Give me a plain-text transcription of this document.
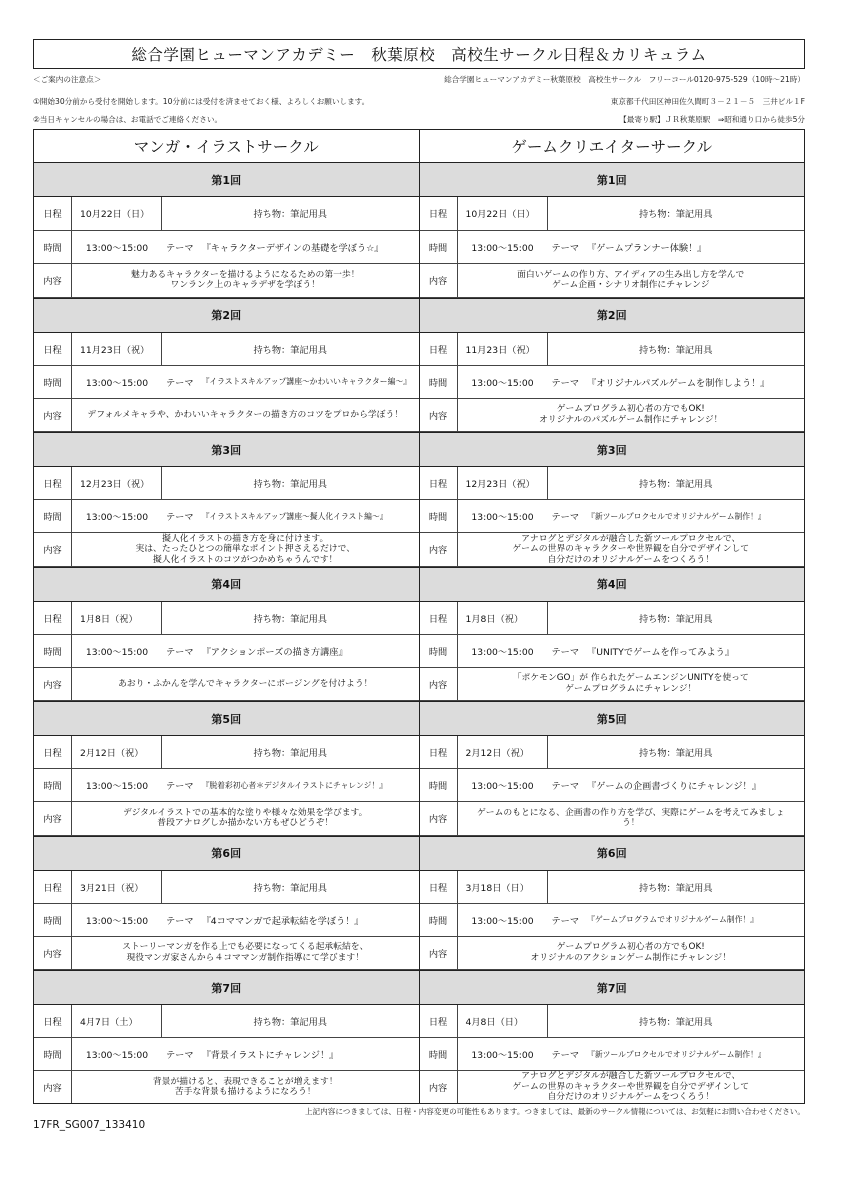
総合学園ヒューマンアカデミー　秋葉原校　高校生サークル日程＆カリキュラム
＜ご案内の注意点＞
①開始30分前から受付を開始します。10分前には受付を済ませておく様、よろしくお願いします。
②当日キャンセルの場合は、お電話でご連絡ください。
総合学園ヒューマンアカデミー秋葉原校　高校生サークル　フリーコール0120-975-529（10時〜21時）
東京都千代田区神田佐久間町３－２１－５　三井ビル１F
【最寄り駅】ＪＲ秋葉原駅　⇒昭和通り口から徒歩5分
マンガ・イラストサークル
第1回
日程	10月22日（日）	持ち物：筆記用具
時間	13:00〜15:00	テーマ 『キャラクターデザインの基礎を学ぼう☆』
内容
魅力あるキャラクターを描けるようになるための第一歩！
ワンランク上のキャラデザを学ぼう！
第2回
日程	11月23日（祝）	持ち物：筆記用具
時間	13:00〜15:00	テーマ 『イラストスキルアップ講座〜かわいいキャラクター編〜』
内容	デフォルメキャラや、かわいいキャラクターの描き方のコツをプロから学ぼう！
第3回
日程	12月23日（祝）	持ち物：筆記用具
時間	13:00〜15:00	テーマ 『イラストスキルアップ講座〜擬人化イラスト編〜』
内容
擬人化イラストの描き方を身に付けます。
実は、たったひとつの簡単なポイント押さえるだけで、
擬人化イラストのコツがつかめちゃうんです！
第4回
日程	1月8日（祝）	持ち物：筆記用具
時間	13:00〜15:00	テーマ 『アクションポーズの描き方講座』
内容	あおり・ふかんを学んでキャラクターにポージングを付けよう！
第5回
日程	2月12日（祝）	持ち物：筆記用具
時間	13:00〜15:00	テーマ 『脱着彩初心者＊デジタルイラストにチャレンジ！』
内容
デジタルイラストでの基本的な塗りや様々な効果を学びます。
普段アナログしか描かない方もぜひどうぞ！
第6回
日程	3月21日（祝）	持ち物：筆記用具
時間	13:00〜15:00	テーマ 『4コママンガで起承転結を学ぼう！』
内容
ストーリーマンガを作る上でも必要になってくる起承転結を、
現役マンガ家さんから４コママンガ制作指導にて学びます！
第7回
日程	4月7日（土）	持ち物：筆記用具
時間	13:00〜15:00	テーマ 『背景イラストにチャレンジ！』
内容
背景が描けると、表現できることが増えます！
苦手な背景も描けるようになろう！
ゲームクリエイターサークル
第1回
日程	10月22日（日）	持ち物：筆記用具
時間	13:00〜15:00	テーマ 『ゲームプランナー体験！』
内容
面白いゲームの作り方、アイディアの生み出し方を学んで
ゲーム企画・シナリオ制作にチャレンジ
第2回
日程	11月23日（祝）	持ち物：筆記用具
時間	13:00〜15:00	テーマ 『オリジナルパズルゲームを制作しよう！』
内容
ゲームプログラム初心者の方でもOK!
オリジナルのパズルゲーム制作にチャレンジ！
第3回
日程	12月23日（祝）	持ち物：筆記用具
時間	13:00〜15:00	テーマ 『新ツールプロクセルでオリジナルゲーム制作！』
内容
アナログとデジタルが融合した新ツールプロクセルで、
ゲームの世界のキャラクターや世界観を自分でデザインして
自分だけのオリジナルゲームをつくろう！
第4回
日程	1月8日（祝）	持ち物：筆記用具
時間	13:00〜15:00	テーマ 『UNITYでゲームを作ってみよう』
内容
「ポケモンGO」が 作られたゲームエンジンUNITYを使って
ゲームプログラムにチャレンジ！
第5回
日程	2月12日（祝）	持ち物：筆記用具
時間	13:00〜15:00	テーマ 『ゲームの企画書づくりにチャレンジ！』
内容
ゲームのもとになる、企画書の作り方を学び、実際にゲームを考えてみましょ
う！
第6回
日程	3月18日（日）	持ち物：筆記用具
時間	13:00〜15:00	テーマ 『ゲームプログラムでオリジナルゲーム制作！』
内容
ゲームプログラム初心者の方でもOK!
オリジナルのアクションゲーム制作にチャレンジ！
第7回
日程	4月8日（日）	持ち物：筆記用具
時間	13:00〜15:00	テーマ 『新ツールプロクセルでオリジナルゲーム制作！』
内容
アナログとデジタルが融合した新ツールプロクセルで、
ゲームの世界のキャラクターや世界観を自分でデザインして
自分だけのオリジナルゲームをつくろう！
上記内容につきましては、日程・内容変更の可能性もあります。つきましては、最新のサークル情報については、お気軽にお問い合わせください。
17FR_SG007_133410
